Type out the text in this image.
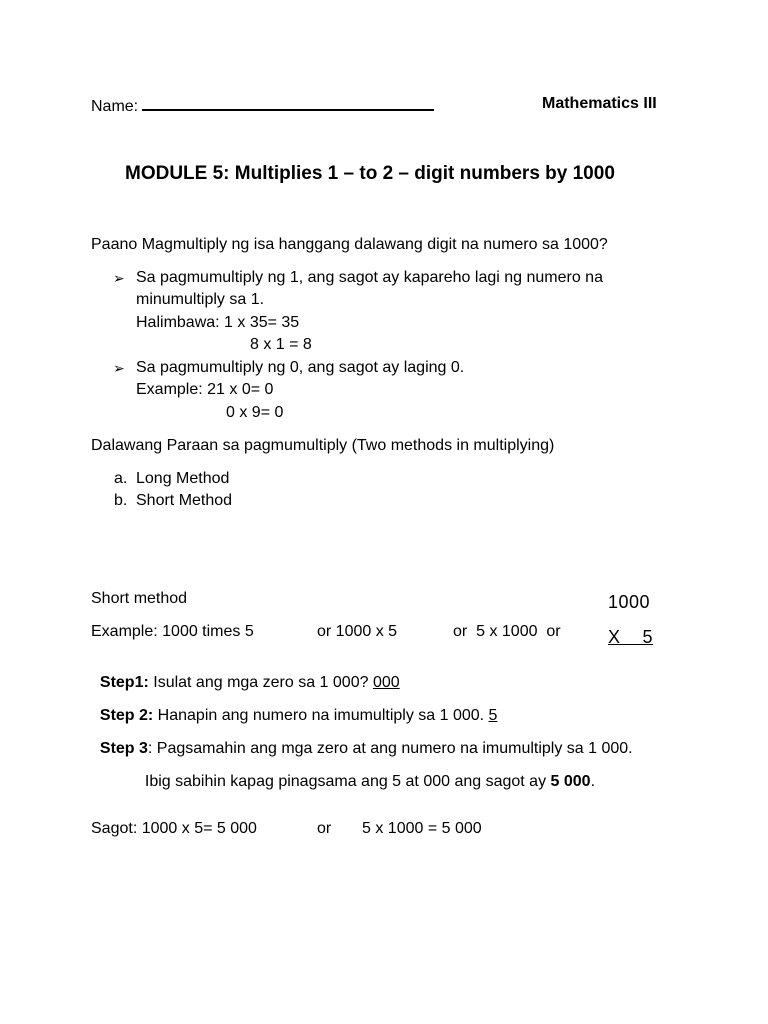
Name:	Mathematics III
MODULE 5: Multiplies 1 – to 2 – digit numbers by 1000
Paano Magmultiply ng isa hanggang dalawang digit na numero sa 1000?
➢ Sa pagmumultiply ng 1, ang sagot ay kapareho lagi ng numero na
minumultiply sa 1.
Halimbawa: 1 x 35= 35
8 x 1 = 8
➢ Sa pagmumultiply ng 0, ang sagot ay laging 0.
Example: 21 x 0= 0
0 x 9= 0
Dalawang Paraan sa pagmumultiply (Two methods in multiplying)
a. Long Method
b. Short Method
Short method	1000
Example: 1000 times 5	or 1000 x 5	or  5 x 1000  or	X    5

Step1: Isulat ang mga zero sa 1 000? 000

Step 2: Hanapin ang numero na imumultiply sa 1 000. 5

Step 3: Pagsamahin ang mga zero at ang numero na imumultiply sa 1 000.

Ibig sabihin kapag pinagsama ang 5 at 000 ang sagot ay 5 000.

Sagot: 1000 x 5= 5 000	or 5 x 1000 = 5 000
